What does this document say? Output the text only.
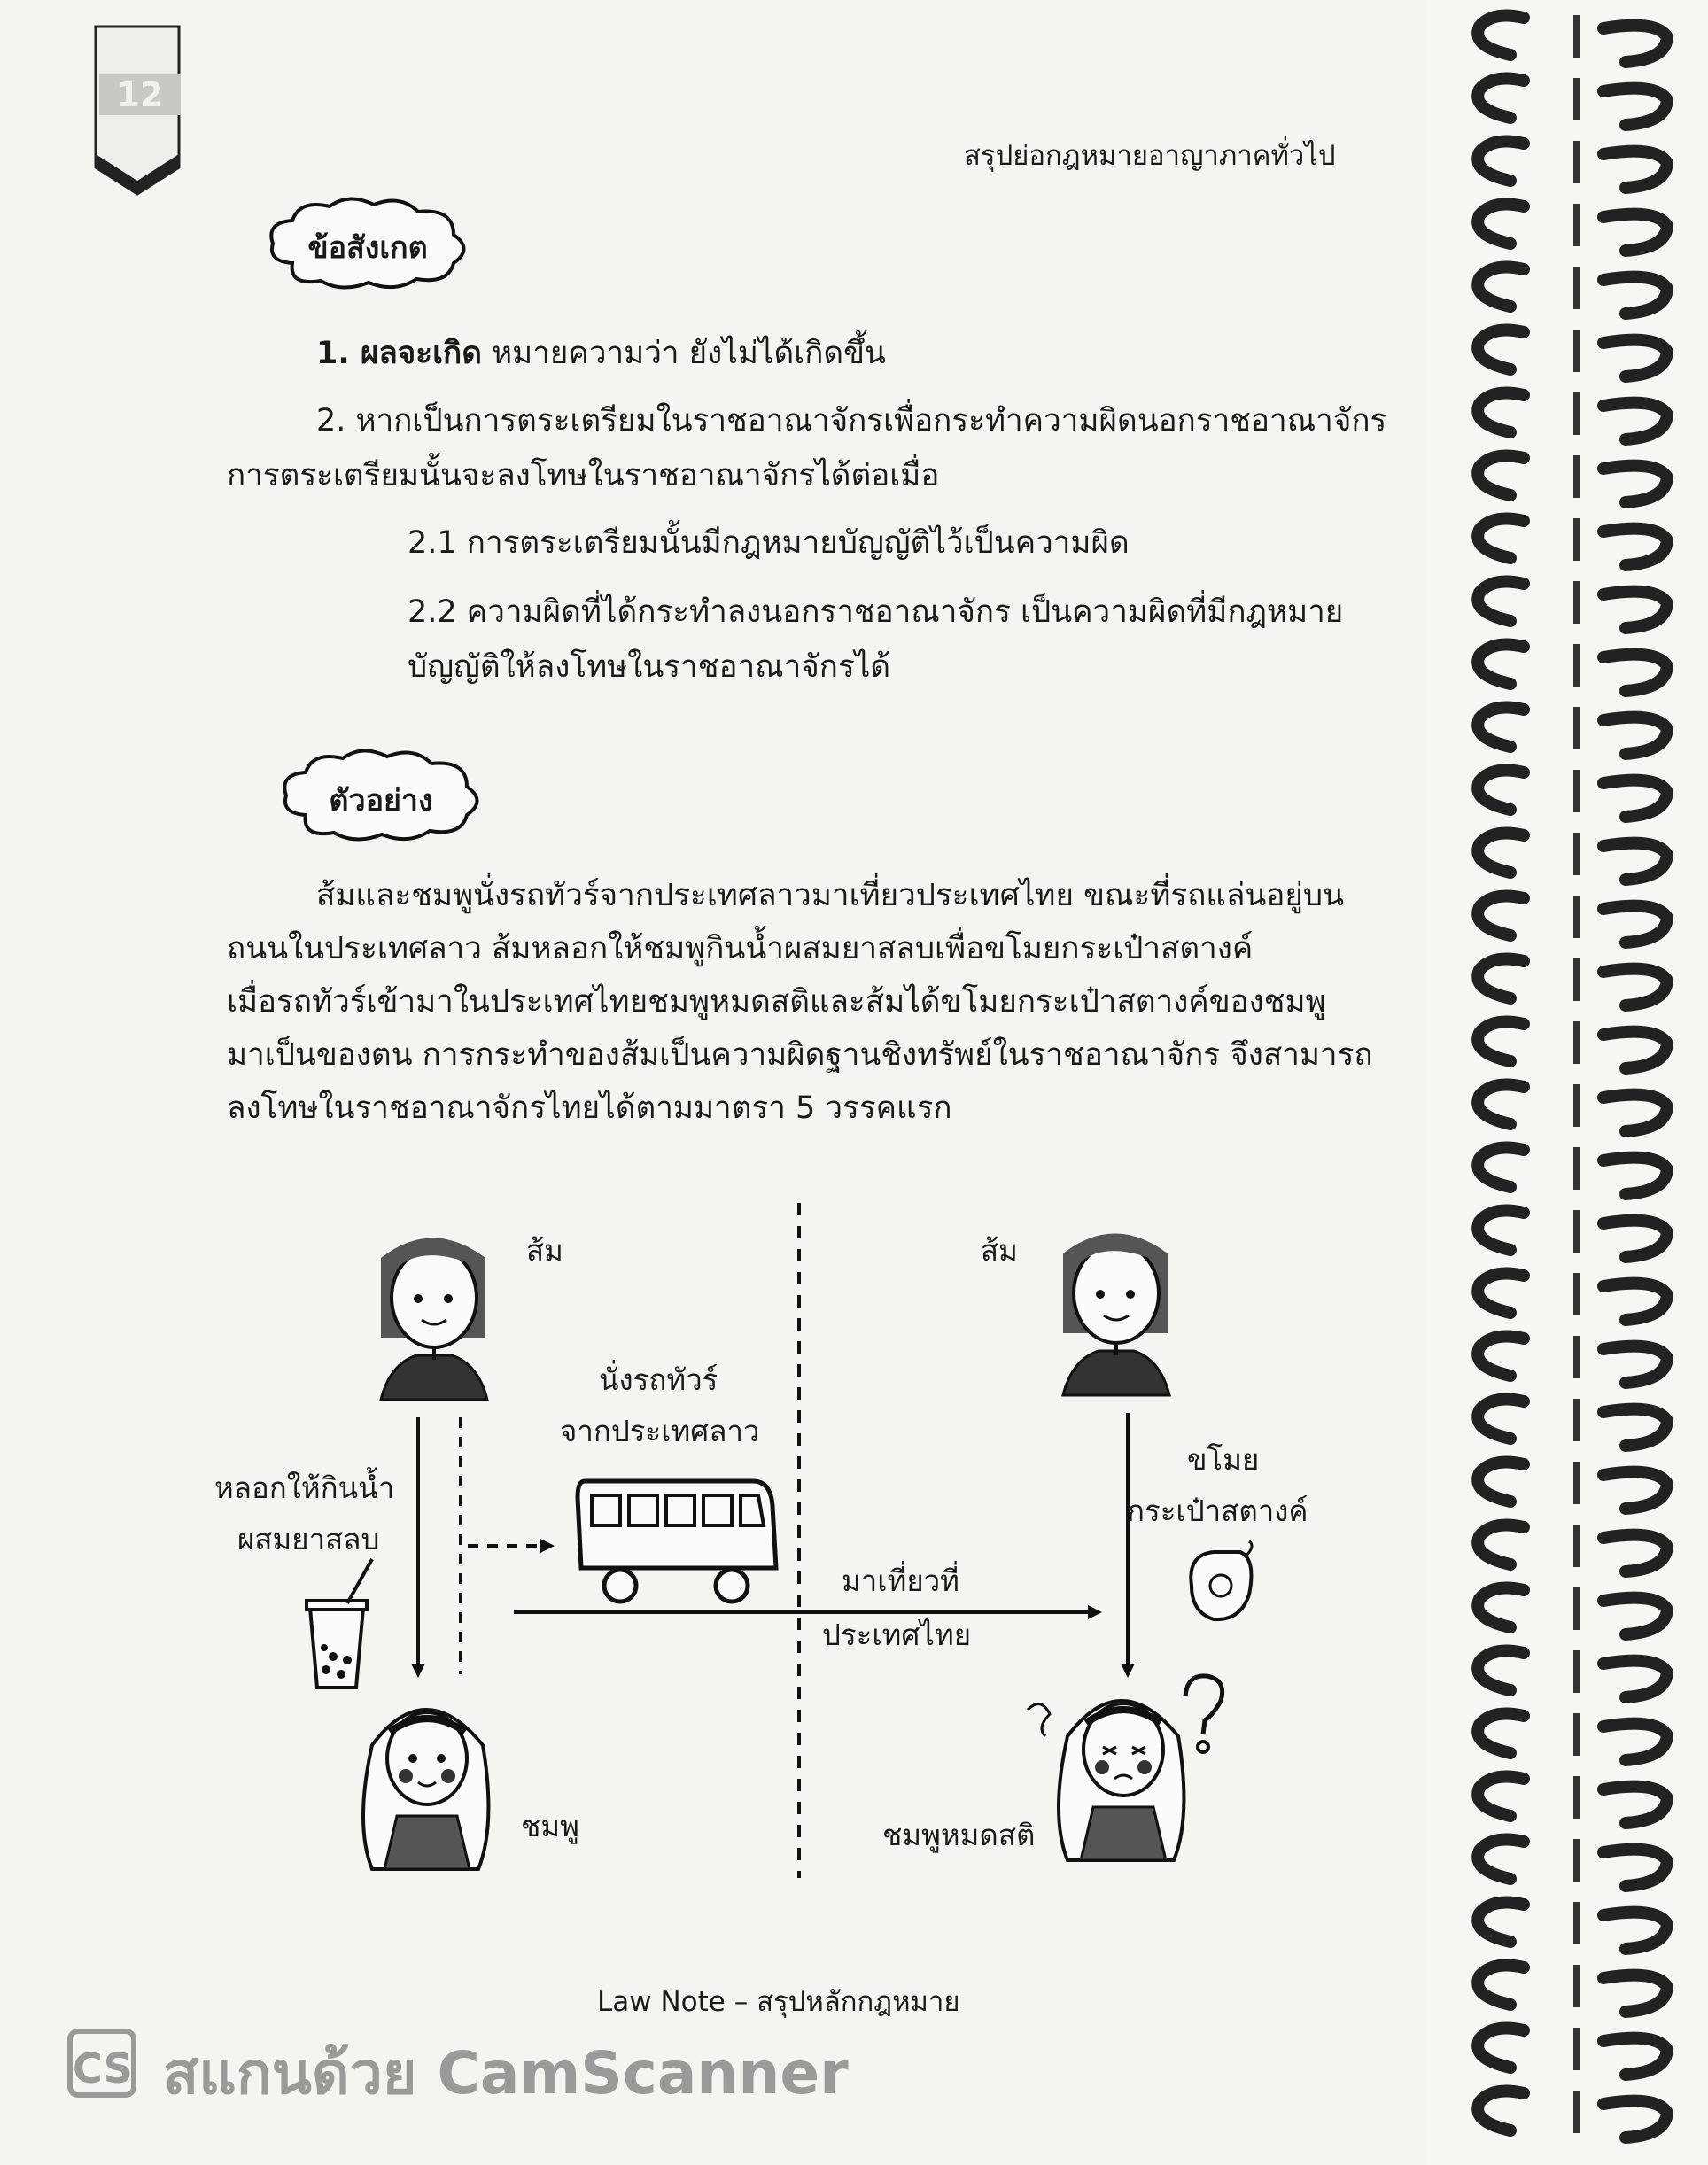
12
สรุปย่อกฎหมายอาญาภาคทั่วไป
ข้อสังเกต
1. ผลจะเกิด หมายความว่า ยังไม่ได้เกิดขึ้น
2. หากเป็นการตระเตรียมในราชอาณาจักรเพื่อกระทำความผิดนอกราชอาณาจักร
การตระเตรียมนั้นจะลงโทษในราชอาณาจักรได้ต่อเมื่อ
2.1 การตระเตรียมนั้นมีกฎหมายบัญญัติไว้เป็นความผิด
2.2 ความผิดที่ได้กระทำลงนอกราชอาณาจักร เป็นความผิดที่มีกฎหมาย
บัญญัติให้ลงโทษในราชอาณาจักรได้
ตัวอย่าง
ส้มและชมพูนั่งรถทัวร์จากประเทศลาวมาเที่ยวประเทศไทย ขณะที่รถแล่นอยู่บน
ถนนในประเทศลาว ส้มหลอกให้ชมพูกินน้ำผสมยาสลบเพื่อขโมยกระเป๋าสตางค์
เมื่อรถทัวร์เข้ามาในประเทศไทยชมพูหมดสติและส้มได้ขโมยกระเป๋าสตางค์ของชมพู
มาเป็นของตน การกระทำของส้มเป็นความผิดฐานชิงทรัพย์ในราชอาณาจักร จึงสามารถ
ลงโทษในราชอาณาจักรไทยได้ตามมาตรา 5 วรรคแรก
ส้ม	ส้ม
นั่งรถทัวร์
จากประเทศลาว
หลอกให้กินน้ำ
ผสมยาสลบ
มาเที่ยวที่
ประเทศไทย
ขโมย
กระเป๋าสตางค์
ชมพู	ชมพูหมดสติ
Law Note – สรุปหลักกฎหมาย
CS สแกนด้วย CamScanner
